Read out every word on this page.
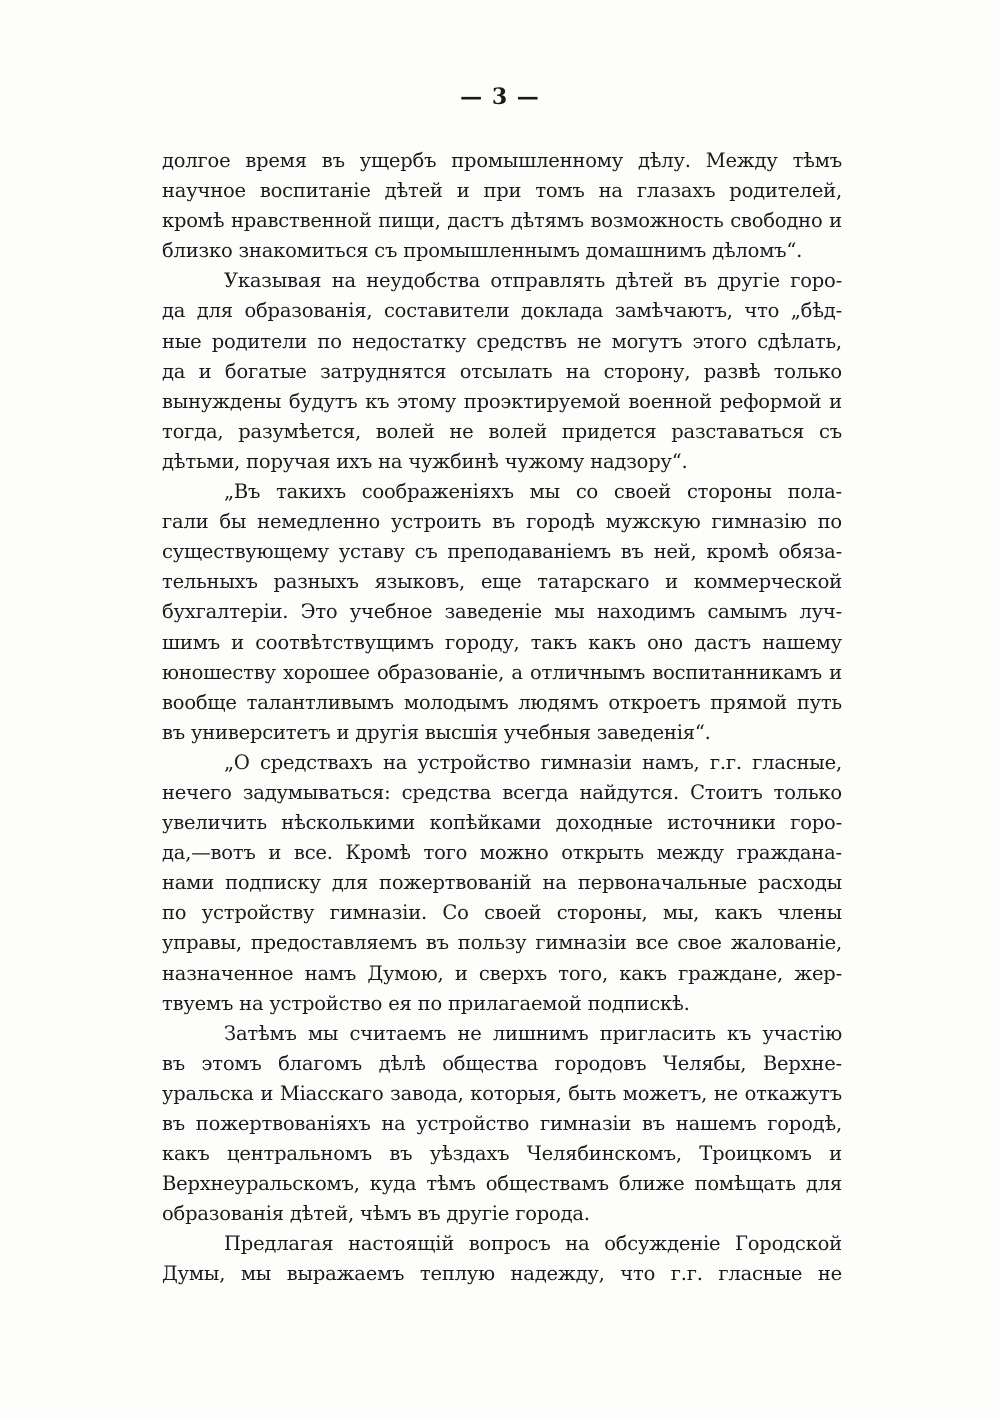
— 3 —
долгое время въ ущербъ промышленному дѣлу. Между тѣмъ
научное воспитаніе дѣтей и при томъ на глазахъ родителей,
кромѣ нравственной пищи, дастъ дѣтямъ возможность свободно и
близко знакомиться съ промышленнымъ домашнимъ дѣломъ“.
Указывая на неудобства отправлять дѣтей въ другіе горо-
да для образованія, составители доклада замѣчаютъ, что „бѣд-
ные родители по недостатку средствъ не могутъ этого сдѣлать,
да и богатые затруднятся отсылать на сторону, развѣ только
вынуждены будутъ къ этому проэктируемой военной реформой и
тогда, разумѣется, волей не волей придется разставаться съ
дѣтьми, поручая ихъ на чужбинѣ чужому надзору“.
„Въ такихъ соображеніяхъ мы со своей стороны пола-
гали бы немедленно устроить въ городѣ мужскую гимназію по
существующему уставу съ преподаваніемъ въ ней, кромѣ обяза-
тельныхъ разныхъ языковъ, еще татарскаго и коммерческой
бухгалтеріи. Это учебное заведеніе мы находимъ самымъ луч-
шимъ и соотвѣтствущимъ городу, такъ какъ оно дастъ нашему
юношеству хорошее образованіе, а отличнымъ воспитанникамъ и
вообще талантливымъ молодымъ людямъ откроетъ прямой путь
въ университетъ и другія высшія учебныя заведенія“.
„О средствахъ на устройство гимназіи намъ, г.г. гласные,
нечего задумываться: средства всегда найдутся. Стоитъ только
увеличить нѣсколькими копѣйками доходные источники горо-
да,—вотъ и все. Кромѣ того можно открыть между граждана-
нами подписку для пожертвованій на первоначальные расходы
по устройству гимназіи. Со своей стороны, мы, какъ члены
управы, предоставляемъ въ пользу гимназіи все свое жалованіе,
назначенное намъ Думою, и сверхъ того, какъ граждане, жер-
твуемъ на устройство ея по прилагаемой подпискѣ.
Затѣмъ мы считаемъ не лишнимъ пригласить къ участію
въ этомъ благомъ дѣлѣ общества городовъ Челябы, Верхне-
уральска и Міасскаго завода, которыя, быть можетъ, не откажутъ
въ пожертвованіяхъ на устройство гимназіи въ нашемъ городѣ,
какъ центральномъ въ уѣздахъ Челябинскомъ, Троицкомъ и
Верхнеуральскомъ, куда тѣмъ обществамъ ближе помѣщать для
образованія дѣтей, чѣмъ въ другіе города.
Предлагая настоящій вопросъ на обсужденіе Городской
Думы, мы выражаемъ теплую надежду, что г.г. гласные не
